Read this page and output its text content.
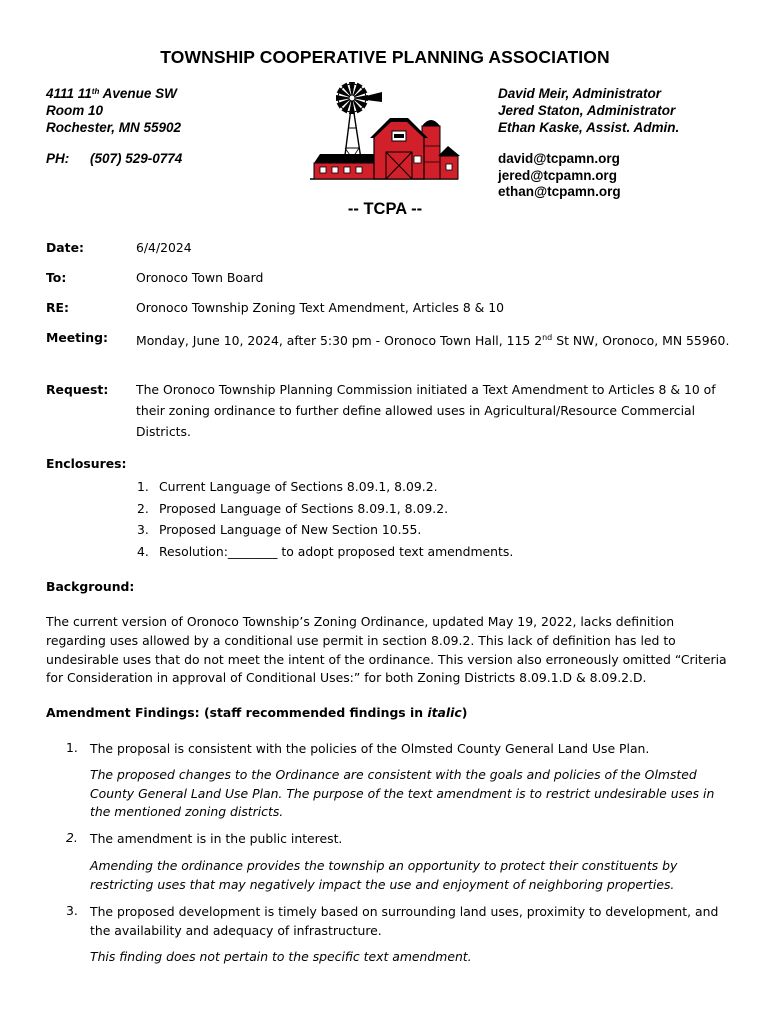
TOWNSHIP COOPERATIVE PLANNING ASSOCIATION
4111 11th Avenue SW
Room 10
Rochester, MN 55902
PH: (507) 529-0774
David Meir, Administrator
Jered Staton, Administrator
Ethan Kaske, Assist. Admin.
david@tcpamn.org
jered@tcpamn.org
ethan@tcpamn.org
-- TCPA --
Date:	6/4/2024
To:	Oronoco Town Board
RE:	Oronoco Township Zoning Text Amendment, Articles 8 & 10
Meeting: Monday, June 10, 2024, after 5:30 pm - Oronoco Town Hall, 115 2nd St NW, Oronoco, MN 55960.
Request: The Oronoco Township Planning Commission initiated a Text Amendment to Articles 8 & 10 of their zoning ordinance to further define allowed uses in Agricultural/Resource Commercial Districts.
Enclosures:
1. Current Language of Sections 8.09.1, 8.09.2.
2. Proposed Language of Sections 8.09.1, 8.09.2.
3. Proposed Language of New Section 10.55.
4. Resolution:________ to adopt proposed text amendments.
Background:
The current version of Oronoco Township’s Zoning Ordinance, updated May 19, 2022, lacks definition regarding uses allowed by a conditional use permit in section 8.09.2. This lack of definition has led to undesirable uses that do not meet the intent of the ordinance. This version also erroneously omitted “Criteria for Consideration in approval of Conditional Uses:” for both Zoning Districts 8.09.1.D & 8.09.2.D.
Amendment Findings: (staff recommended findings in italic)
1. The proposal is consistent with the policies of the Olmsted County General Land Use Plan.
The proposed changes to the Ordinance are consistent with the goals and policies of the Olmsted County General Land Use Plan. The purpose of the text amendment is to restrict undesirable uses in the mentioned zoning districts.
2. The amendment is in the public interest.
Amending the ordinance provides the township an opportunity to protect their constituents by restricting uses that may negatively impact the use and enjoyment of neighboring properties.
3. The proposed development is timely based on surrounding land uses, proximity to development, and the availability and adequacy of infrastructure.
This finding does not pertain to the specific text amendment.
